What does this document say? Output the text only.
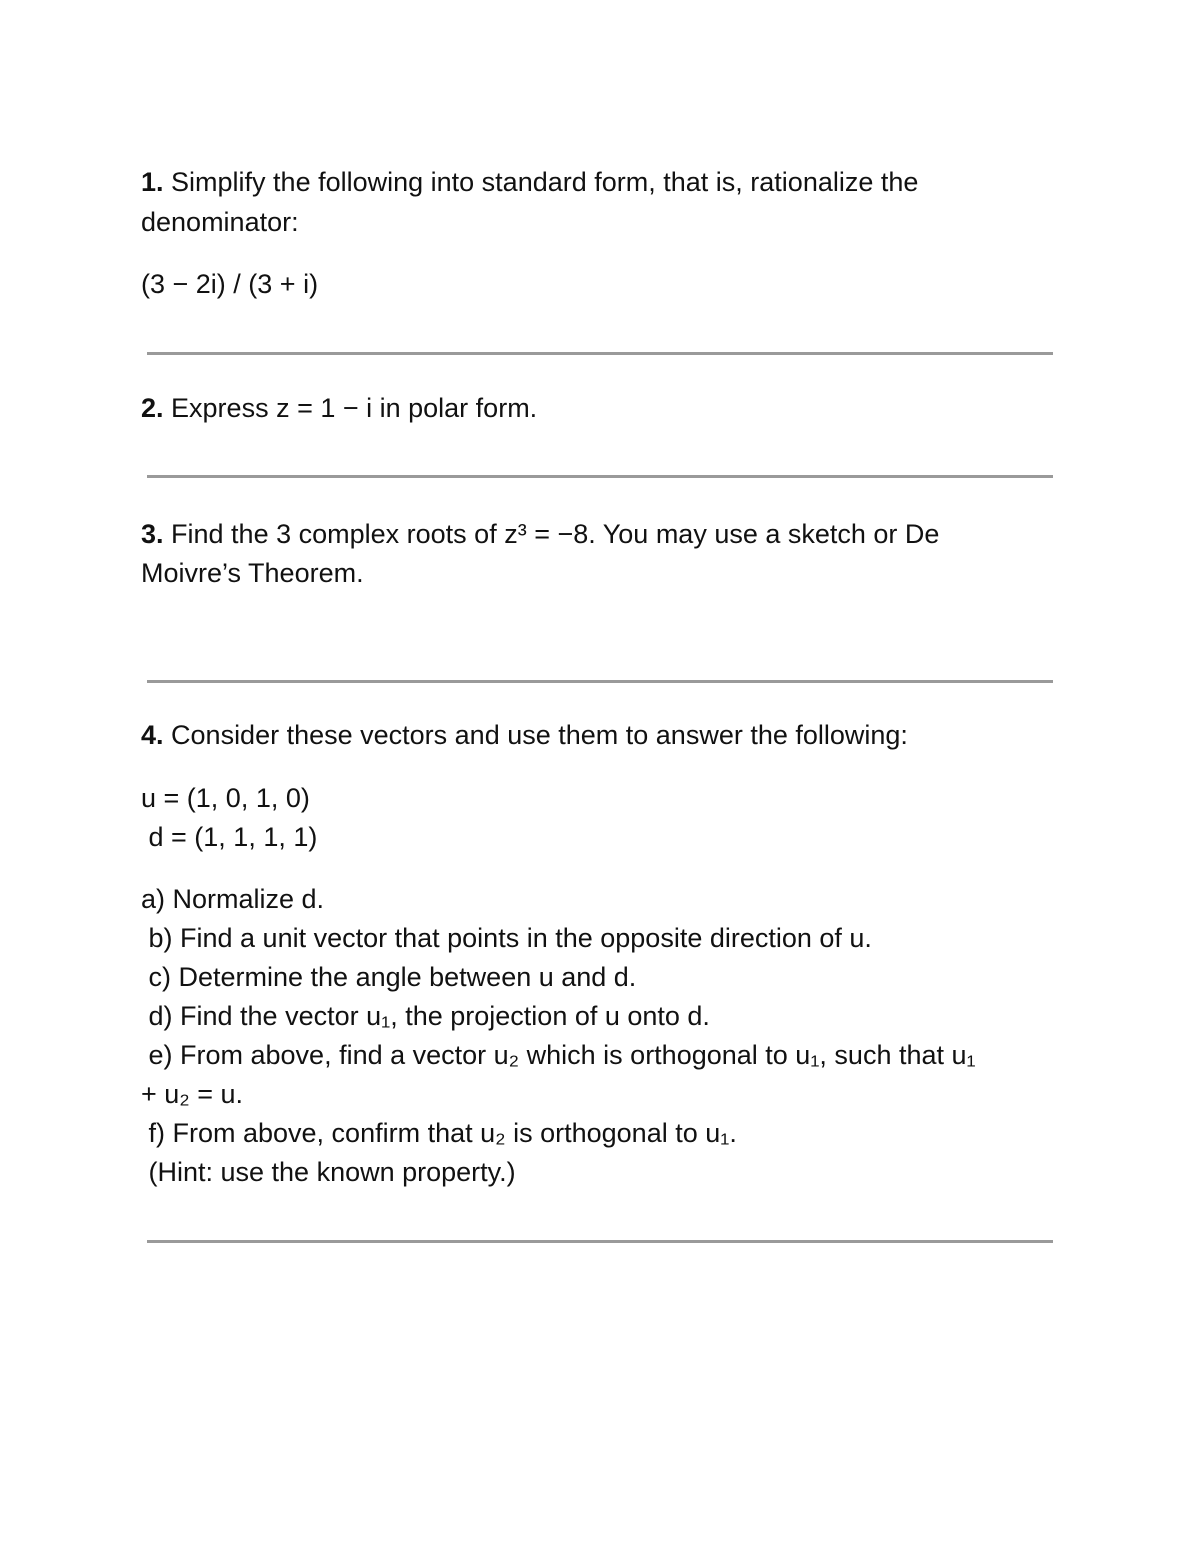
1. Simplify the following into standard form, that is, rationalize the
denominator:
(3 − 2i) / (3 + i)
2. Express z = 1 − i in polar form.
3. Find the 3 complex roots of z³ = −8. You may use a sketch or De
Moivre’s Theorem.
4. Consider these vectors and use them to answer the following:
u = (1, 0, 1, 0)
d = (1, 1, 1, 1)
a) Normalize d.
b) Find a unit vector that points in the opposite direction of u.
c) Determine the angle between u and d.
d) Find the vector u₁, the projection of u onto d.
e) From above, find a vector u₂ which is orthogonal to u₁, such that u₁
+ u₂ = u.
f) From above, confirm that u₂ is orthogonal to u₁.
(Hint: use the known property.)
